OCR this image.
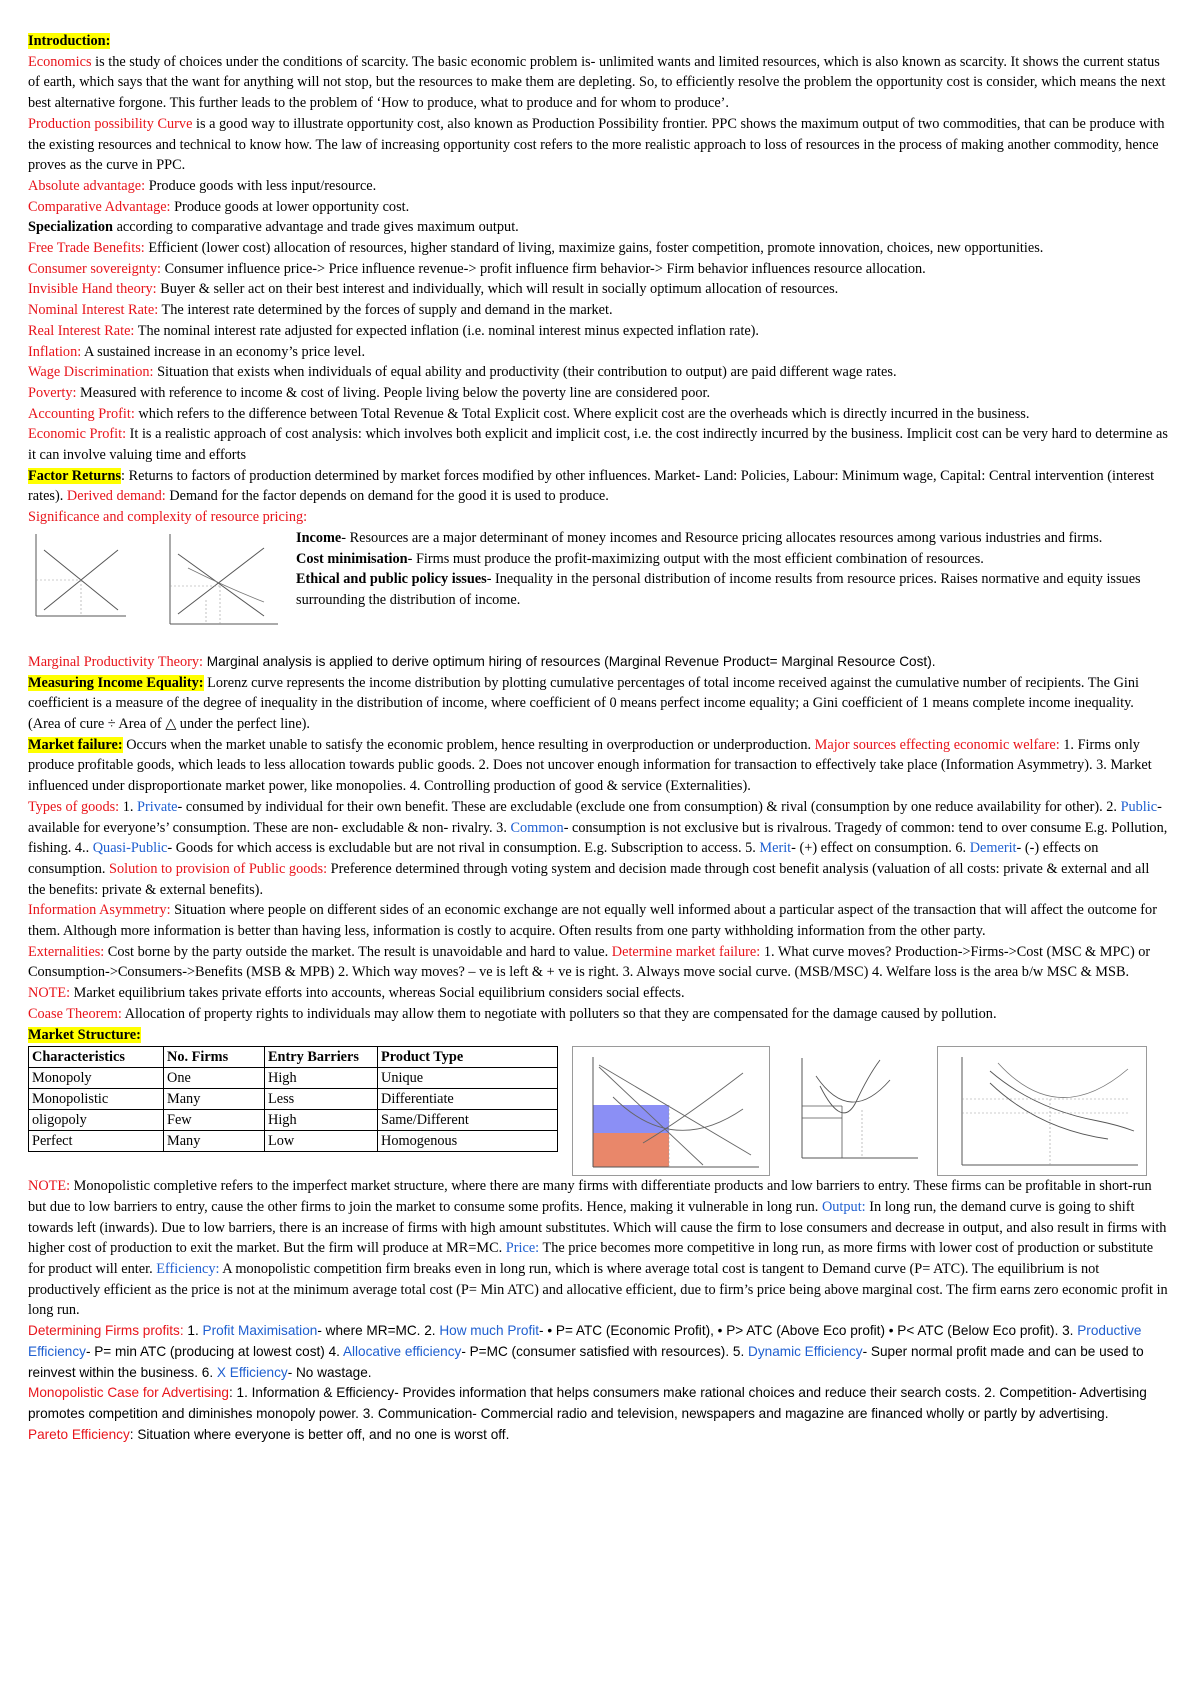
Introduction:
Economics is the study of choices under the conditions of scarcity. The basic economic problem is- unlimited wants and limited resources, which is also known as scarcity. It shows the current status of earth, which says that the want for anything will not stop, but the resources to make them are depleting. So, to efficiently resolve the problem the opportunity cost is consider, which means the next best alternative forgone. This further leads to the problem of ‘How to produce, what to produce and for whom to produce’.
Production possibility Curve is a good way to illustrate opportunity cost, also known as Production Possibility frontier. PPC shows the maximum output of two commodities, that can be produce with the existing resources and technical to know how. The law of increasing opportunity cost refers to the more realistic approach to loss of resources in the process of making another commodity, hence proves as the curve in PPC.
Absolute advantage: Produce goods with less input/resource.
Comparative Advantage: Produce goods at lower opportunity cost.
Specialization according to comparative advantage and trade gives maximum output.
Free Trade Benefits: Efficient (lower cost) allocation of resources, higher standard of living, maximize gains, foster competition, promote innovation, choices, new opportunities.
Consumer sovereignty: Consumer influence price-> Price influence revenue-> profit influence firm behavior-> Firm behavior influences resource allocation.
Invisible Hand theory: Buyer & seller act on their best interest and individually, which will result in socially optimum allocation of resources.
Nominal Interest Rate: The interest rate determined by the forces of supply and demand in the market.
Real Interest Rate: The nominal interest rate adjusted for expected inflation (i.e. nominal interest minus expected inflation rate).
Inflation: A sustained increase in an economy’s price level.
Wage Discrimination: Situation that exists when individuals of equal ability and productivity (their contribution to output) are paid different wage rates.
Poverty: Measured with reference to income & cost of living. People living below the poverty line are considered poor.
Accounting Profit: which refers to the difference between Total Revenue & Total Explicit cost. Where explicit cost are the overheads which is directly incurred in the business.
Economic Profit: It is a realistic approach of cost analysis: which involves both explicit and implicit cost, i.e. the cost indirectly incurred by the business. Implicit cost can be very hard to determine as it can involve valuing time and efforts
Factor Returns: Returns to factors of production determined by market forces modified by other influences. Market- Land: Policies, Labour: Minimum wage, Capital: Central intervention (interest rates). Derived demand: Demand for the factor depends on demand for the good it is used to produce.
Significance and complexity of resource pricing:

Income- Resources are a major determinant of money incomes and Resource pricing allocates resources among various industries and firms.
Cost minimisation- Firms must produce the profit-maximizing output with the most efficient combination of resources.
Ethical and public policy issues- Inequality in the personal distribution of income results from resource prices. Raises normative and equity issues surrounding the distribution of income.

Marginal Productivity Theory: Marginal analysis is applied to derive optimum hiring of resources (Marginal Revenue Product= Marginal Resource Cost).
Measuring Income Equality: Lorenz curve represents the income distribution by plotting cumulative percentages of total income received against the cumulative number of recipients. The Gini coefficient is a measure of the degree of inequality in the distribution of income, where coefficient of 0 means perfect income equality; a Gini coefficient of 1 means complete income inequality. (Area of cure ÷ Area of △ under the perfect line).
Market failure: Occurs when the market unable to satisfy the economic problem, hence resulting in overproduction or underproduction. Major sources effecting economic welfare: 1. Firms only produce profitable goods, which leads to less allocation towards public goods. 2. Does not uncover enough information for transaction to effectively take place (Information Asymmetry). 3. Market influenced under disproportionate market power, like monopolies. 4. Controlling production of good & service (Externalities).
Types of goods: 1. Private- consumed by individual for their own benefit. These are excludable (exclude one from consumption) & rival (consumption by one reduce availability for other). 2. Public- available for everyone’s’ consumption. These are non- excludable & non- rivalry. 3. Common- consumption is not exclusive but is rivalrous. Tragedy of common: tend to over consume E.g. Pollution, fishing. 4.. Quasi-Public- Goods for which access is excludable but are not rival in consumption. E.g. Subscription to access. 5. Merit- (+) effect on consumption. 6. Demerit- (-) effects on consumption. Solution to provision of Public goods: Preference determined through voting system and decision made through cost benefit analysis (valuation of all costs: private & external and all the benefits: private & external benefits).
Information Asymmetry: Situation where people on different sides of an economic exchange are not equally well informed about a particular aspect of the transaction that will affect the outcome for them. Although more information is better than having less, information is costly to acquire. Often results from one party withholding information from the other party.
Externalities: Cost borne by the party outside the market. The result is unavoidable and hard to value. Determine market failure: 1. What curve moves? Production->Firms->Cost (MSC & MPC) or Consumption->Consumers->Benefits (MSB & MPB) 2. Which way moves? – ve is left & + ve is right. 3. Always move social curve. (MSB/MSC) 4. Welfare loss is the area b/w MSC & MSB. NOTE: Market equilibrium takes private efforts into accounts, whereas Social equilibrium considers social effects.
Coase Theorem: Allocation of property rights to individuals may allow them to negotiate with polluters so that they are compensated for the damage caused by pollution.
Market Structure:

Characteristics	No. Firms	Entry Barriers	Product Type
Monopoly	One	High	Unique
Monopolistic	Many	Less	Differentiate
oligopoly	Few	High	Same/Different
Perfect	Many	Low	Homogenous

NOTE: Monopolistic completive refers to the imperfect market structure, where there are many firms with differentiate products and low barriers to entry. These firms can be profitable in short-run but due to low barriers to entry, cause the other firms to join the market to consume some profits. Hence, making it vulnerable in long run. Output: In long run, the demand curve is going to shift towards left (inwards). Due to low barriers, there is an increase of firms with high amount substitutes. Which will cause the firm to lose consumers and decrease in output, and also result in firms with higher cost of production to exit the market. But the firm will produce at MR=MC. Price: The price becomes more competitive in long run, as more firms with lower cost of production or substitute for product will enter. Efficiency: A monopolistic competition firm breaks even in long run, which is where average total cost is tangent to Demand curve (P= ATC). The equilibrium is not productively efficient as the price is not at the minimum average total cost (P= Min ATC) and allocative efficient, due to firm’s price being above marginal cost. The firm earns zero economic profit in long run.
Determining Firms profits: 1. Profit Maximisation- where MR=MC. 2. How much Profit- • P= ATC (Economic Profit), • P> ATC (Above Eco profit) • P< ATC (Below Eco profit). 3. Productive Efficiency- P= min ATC (producing at lowest cost) 4. Allocative efficiency- P=MC (consumer satisfied with resources). 5. Dynamic Efficiency- Super normal profit made and can be used to reinvest within the business. 6. X Efficiency- No wastage.
Monopolistic Case for Advertising: 1. Information & Efficiency- Provides information that helps consumers make rational choices and reduce their search costs. 2. Competition- Advertising promotes competition and diminishes monopoly power. 3. Communication- Commercial radio and television, newspapers and magazine are financed wholly or partly by advertising.
Pareto Efficiency: Situation where everyone is better off, and no one is worst off.
